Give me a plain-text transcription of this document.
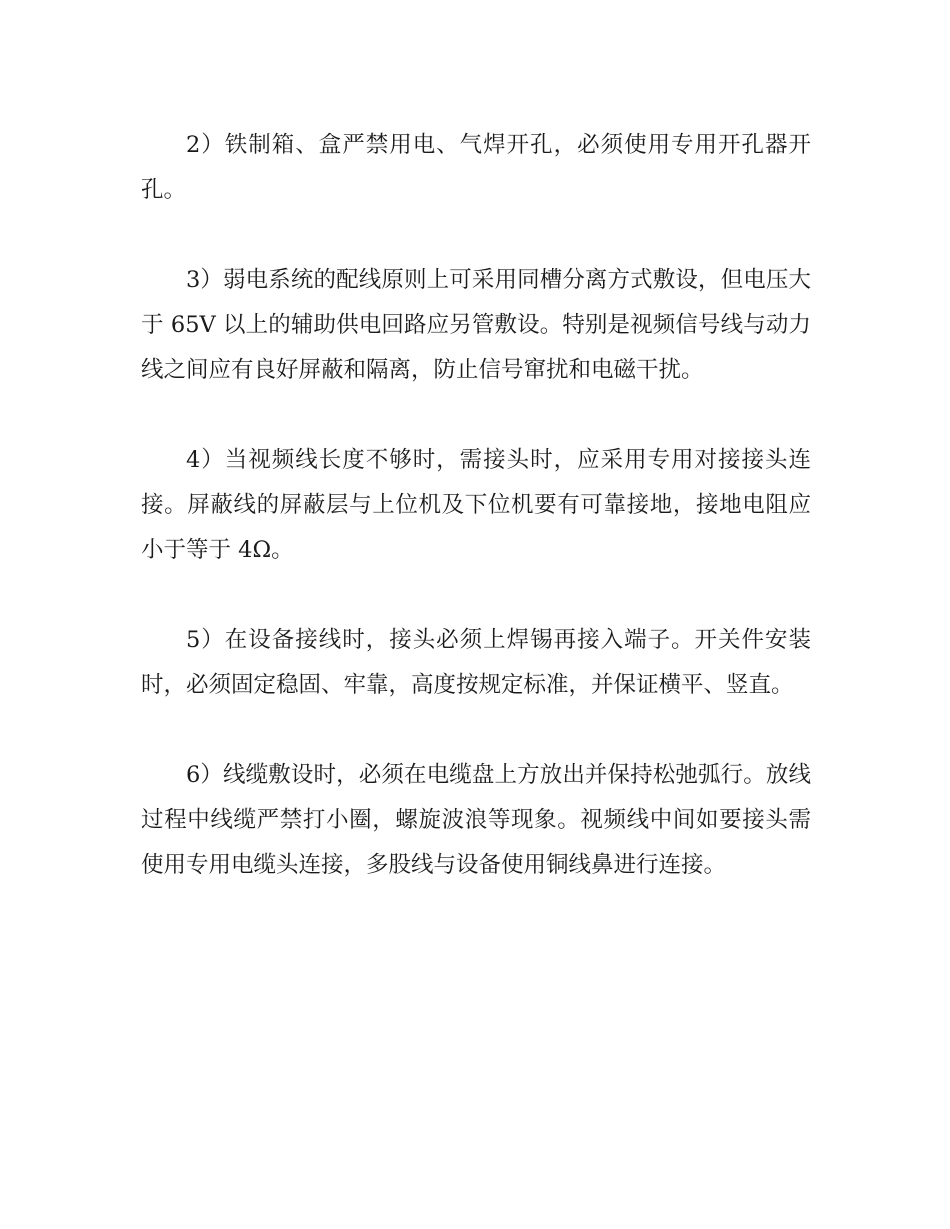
2）铁制箱、盒严禁用电、气焊开孔，必须使用专用开孔器开孔。

3）弱电系统的配线原则上可采用同槽分离方式敷设，但电压大于 65V 以上的辅助供电回路应另管敷设。特别是视频信号线与动力线之间应有良好屏蔽和隔离，防止信号窜扰和电磁干扰。

4）当视频线长度不够时，需接头时，应采用专用对接接头连接。屏蔽线的屏蔽层与上位机及下位机要有可靠接地，接地电阻应小于等于 4Ω。

5）在设备接线时，接头必须上焊锡再接入端子。开关件安装时，必须固定稳固、牢靠，高度按规定标准，并保证横平、竖直。

6）线缆敷设时，必须在电缆盘上方放出并保持松弛弧行。放线过程中线缆严禁打小圈，螺旋波浪等现象。视频线中间如要接头需使用专用电缆头连接，多股线与设备使用铜线鼻进行连接。
